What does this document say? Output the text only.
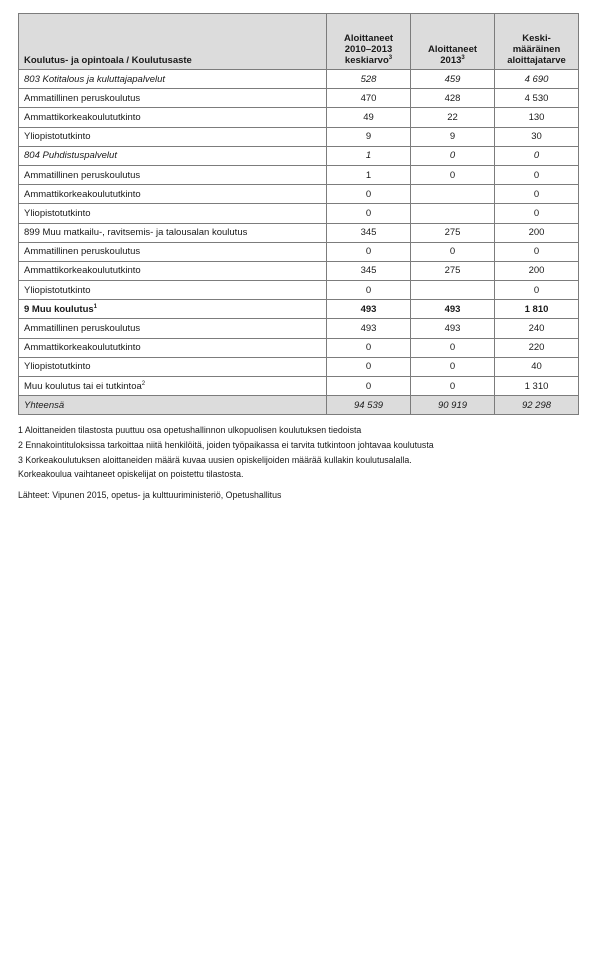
Koulutus- ja opintoala / Koulutusaste	Aloittaneet
2010–2013
keskiarvo$^3$	Aloittaneet
2013$^3$	Keski-
määräinen
aloittajatarve
803 Kotitalous ja kuluttajapalvelut	528	459	4 690
Ammatillinen peruskoulutus	470	428	4 530
Ammattikorkeakoulututkinto	49	22	130
Yliopistotutkinto	9	9	30
804 Puhdistuspalvelut	1	0	0
Ammatillinen peruskoulutus	1	0	0
Ammattikorkeakoulututkinto	0		0
Yliopistotutkinto	0		0
899 Muu matkailu-, ravitsemis- ja talousalan koulutus	345	275	200
Ammatillinen peruskoulutus	0	0	0
Ammattikorkeakoulututkinto	345	275	200
Yliopistotutkinto	0		0
9 Muu koulutus$^1$	493	493	1 810
Ammatillinen peruskoulutus	493	493	240
Ammattikorkeakoulututkinto	0	0	220
Yliopistotutkinto	0	0	40
Muu koulutus tai ei tutkintoa$^2$	0	0	1 310
Yhteensä	94 539	90 919	92 298

1 Aloittaneiden tilastosta puuttuu osa opetushallinnon ulkopuolisen koulutuksen tiedoista

2 Ennakointituloksissa tarkoittaa niitä henkilöitä, joiden työpaikassa ei tarvita tutkintoon johtavaa koulutusta

3 Korkeakoulutuksen aloittaneiden määrä kuvaa uusien opiskelijoiden määrää kullakin koulutusalalla.

Korkeakoulua vaihtaneet opiskelijat on poistettu tilastosta.

Lähteet: Vipunen 2015, opetus- ja kulttuuriministeriö, Opetushallitus
